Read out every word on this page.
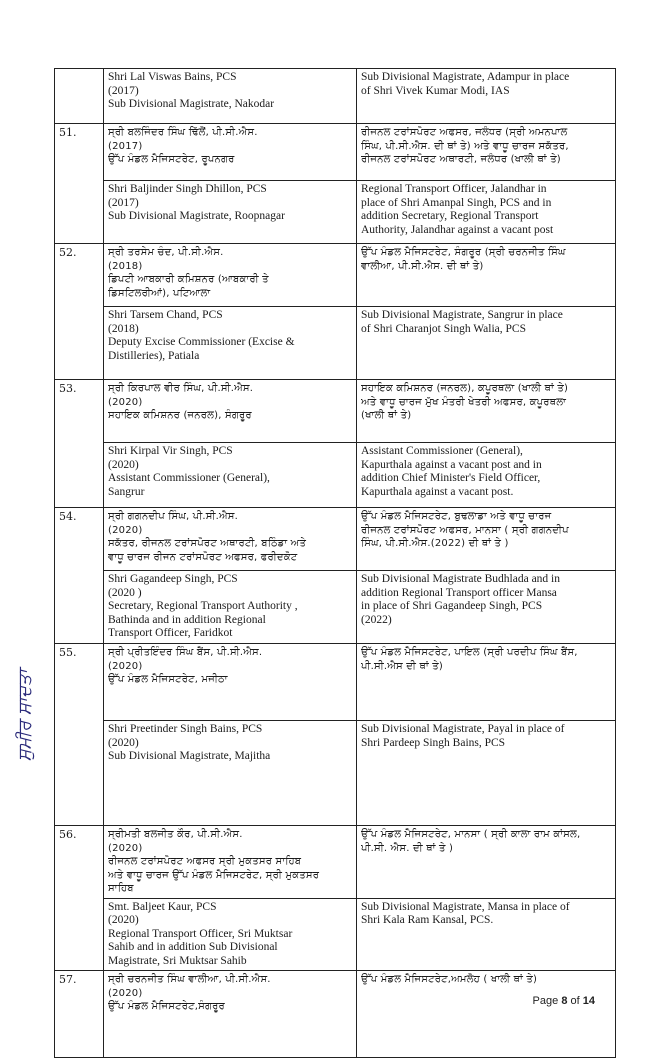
	Shri Lal Viswas Bains, PCS
(2017)
Sub Divisional Magistrate, Nakodar	Sub Divisional Magistrate, Adampur in place
of Shri Vivek Kumar Modi, IAS

51.	ਸ੍ਰੀ ਬਲਜਿੰਦਰ ਸਿੰਘ ਢਿੱਲੋਂ, ਪੀ.ਸੀ.ਐਸ.
(2017)
ਉੱਪ ਮੰਡਲ ਮੈਜਿਸਟਰੇਟ, ਰੂਪਨਗਰ	ਰੀਜਨਲ ਟਰਾਂਸਪੋਰਟ ਅਫਸਰ, ਜਲੰਧਰ (ਸ੍ਰੀ ਅਮਨਪਾਲ
ਸਿੰਘ, ਪੀ.ਸੀ.ਐਸ. ਦੀ ਥਾਂ ਤੇ) ਅਤੇ ਵਾਧੂ ਚਾਰਜ ਸਕੱਤਰ,
ਰੀਜਨਲ ਟਰਾਂਸਪੋਰਟ ਅਥਾਰਟੀ, ਜਲੰਧਰ (ਖਾਲੀ ਥਾਂ ਤੇ)

	Shri Baljinder Singh Dhillon, PCS
(2017)
Sub Divisional Magistrate, Roopnagar	Regional Transport Officer, Jalandhar in
place of Shri Amanpal Singh, PCS and in
addition Secretary, Regional Transport
Authority, Jalandhar against a vacant post

52.	ਸ੍ਰੀ ਤਰਸੇਮ ਚੰਦ, ਪੀ.ਸੀ.ਐਸ.
(2018)
ਡਿਪਟੀ ਆਬਕਾਰੀ ਕਮਿਸ਼ਨਰ (ਆਬਕਾਰੀ ਤੇ
ਡਿਸਟਿਲਰੀਆਂ), ਪਟਿਆਲਾ	ਉੱਪ ਮੰਡਲ ਮੈਜਿਸਟਰੇਟ, ਸੰਗਰੂਰ (ਸ੍ਰੀ ਚਰਨਜੀਤ ਸਿੰਘ
ਵਾਲੀਆ, ਪੀ.ਸੀ.ਐਸ. ਦੀ ਥਾਂ ਤੇ)

	Shri Tarsem Chand, PCS
(2018)
Deputy Excise Commissioner (Excise &
Distilleries), Patiala	Sub Divisional Magistrate, Sangrur in place
of Shri Charanjot Singh Walia, PCS

53.	ਸ੍ਰੀ ਕਿਰਪਾਲ ਵੀਰ ਸਿੰਘ, ਪੀ.ਸੀ.ਐਸ.
(2020)
ਸਹਾਇਕ ਕਮਿਸ਼ਨਰ (ਜਨਰਲ), ਸੰਗਰੂਰ	ਸਹਾਇਕ ਕਮਿਸ਼ਨਰ (ਜਨਰਲ), ਕਪੂਰਥਲਾ (ਖਾਲੀ ਥਾਂ ਤੇ)
ਅਤੇ ਵਾਧੂ ਚਾਰਜ ਮੁੱਖ ਮੰਤਰੀ ਖੇਤਰੀ ਅਫਸਰ, ਕਪੂਰਥਲਾ
(ਖਾਲੀ ਥਾਂ ਤੇ)

	Shri Kirpal Vir Singh, PCS
(2020)
Assistant Commissioner (General),
Sangrur	Assistant Commissioner (General),
Kapurthala against a vacant post and in
addition Chief Minister's Field Officer,
Kapurthala against a vacant post.

54.	ਸ੍ਰੀ ਗਗਨਦੀਪ ਸਿੰਘ, ਪੀ.ਸੀ.ਐਸ.
(2020)
ਸਕੱਤਰ, ਰੀਜਨਲ ਟਰਾਂਸਪੋਰਟ ਅਥਾਰਟੀ, ਬਠਿੰਡਾ ਅਤੇ
ਵਾਧੂ ਚਾਰਜ ਰੀਜਨ ਟਰਾਂਸਪੋਰਟ ਅਫਸਰ, ਫਰੀਦਕੋਟ	ਉੱਪ ਮੰਡਲ ਮੈਜਿਸਟਰੇਟ, ਬੁਢਲਾਡਾ ਅਤੇ ਵਾਧੂ ਚਾਰਜ
ਰੀਜਨਲ ਟਰਾਂਸਪੋਰਟ ਅਫਸਰ, ਮਾਨਸਾ ( ਸ੍ਰੀ ਗਗਨਦੀਪ
ਸਿੰਘ, ਪੀ.ਸੀ.ਐਸ.(2022) ਦੀ ਥਾਂ ਤੇ )

	Shri Gagandeep Singh, PCS
(2020 )
Secretary, Regional Transport Authority ,
Bathinda and in addition Regional
Transport Officer, Faridkot	Sub Divisional Magistrate Budhlada and in
addition Regional Transport officer Mansa
in place of Shri Gagandeep Singh, PCS
(2022)

55.	ਸ੍ਰੀ ਪ੍ਰੀਤਇੰਦਰ ਸਿੰਘ ਬੈਂਸ, ਪੀ.ਸੀ.ਐਸ.
(2020)
ਉੱਪ ਮੰਡਲ ਮੈਜਿਸਟਰੇਟ, ਮਜੀਠਾ	ਉੱਪ ਮੰਡਲ ਮੈਜਿਸਟਰੇਟ, ਪਾਇਲ (ਸ੍ਰੀ ਪਰਦੀਪ ਸਿੰਘ ਬੈਂਸ,
ਪੀ.ਸੀ.ਐਸ ਦੀ ਥਾਂ ਤੇ)

	Shri Preetinder Singh Bains, PCS
(2020)
Sub Divisional Magistrate, Majitha	Sub Divisional Magistrate, Payal in place of
Shri Pardeep Singh Bains, PCS

56.	ਸ੍ਰੀਮਤੀ ਬਲਜੀਤ ਕੌਰ, ਪੀ.ਸੀ.ਐਸ.
(2020)
ਰੀਜਨਲ ਟਰਾਂਸਪੋਰਟ ਅਫਸਰ ਸ੍ਰੀ ਮੁਕਤਸਰ ਸਾਹਿਬ
ਅਤੇ ਵਾਧੂ ਚਾਰਜ ਉੱਪ ਮੰਡਲ ਮੈਜਿਸਟਰੇਟ, ਸ੍ਰੀ ਮੁਕਤਸਰ
ਸਾਹਿਬ	ਉੱਪ ਮੰਡਲ ਮੈਜਿਸਟਰੇਟ, ਮਾਨਸਾ ( ਸ੍ਰੀ ਕਾਲਾ ਰਾਮ ਕਾਂਸਲ,
ਪੀ.ਸੀ. ਐਸ. ਦੀ ਥਾਂ ਤੇ )

	Smt. Baljeet Kaur, PCS
(2020)
Regional Transport Officer, Sri Muktsar
Sahib and in addition Sub Divisional
Magistrate, Sri Muktsar Sahib	Sub Divisional Magistrate, Mansa in place of
Shri Kala Ram Kansal, PCS.

57.	ਸ੍ਰੀ ਚਰਨਜੀਤ ਸਿੰਘ ਵਾਲੀਆ, ਪੀ.ਸੀ.ਐਸ.
(2020)
ਉੱਪ ਮੰਡਲ ਮੈਜਿਸਟਰੇਟ,ਸੰਗਰੂਰ	ਉੱਪ ਮੰਡਲ ਮੈਜਿਸਟਰੇਟ,ਅਮਲੋਹ ( ਖਾਲੀ ਥਾਂ ਤੇ)
ਸੁਮੀਰ ਸਾਦਤਾ
Page 8 of 14
